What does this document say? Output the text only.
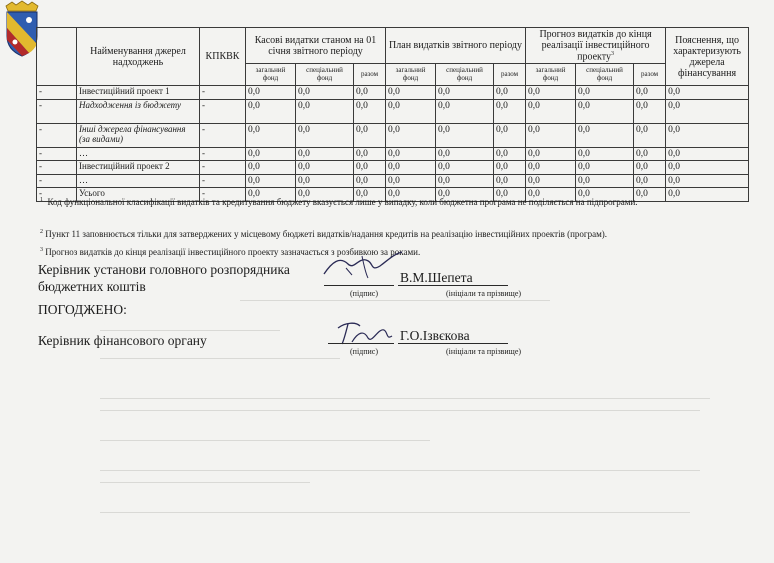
	Найменування джерел надходжень	КПКВК	Касові видатки станом на 01 січня звітного періоду			План видатків звітного періоду			Прогноз видатків до кінця реалізації інвестиційного проекту$^3$			Пояснення, що характеризують джерела фінансування
			загальний фонд	спеціальний фонд	разом	загальний фонд	спеціальний фонд	разом	загальний фонд	спеціальний фонд	разом	
-	Інвестиційний проект 1	-	0,0	0,0	0,0	0,0	0,0	0,0	0,0	0,0	0,0	0,0
-	Надходження із бюджету	-	0,0	0,0	0,0	0,0	0,0	0,0	0,0	0,0	0,0	0,0
-	Інші джерела фінансування (за видами)	-	0,0	0,0	0,0	0,0	0,0	0,0	0,0	0,0	0,0	0,0
-	…	-	0,0	0,0	0,0	0,0	0,0	0,0	0,0	0,0	0,0	0,0
-	Інвестиційний проект 2	-	0,0	0,0	0,0	0,0	0,0	0,0	0,0	0,0	0,0	0,0
-	…	-	0,0	0,0	0,0	0,0	0,0	0,0	0,0	0,0	0,0	0,0
-	Усього	-	0,0	0,0	0,0	0,0	0,0	0,0	0,0	0,0	0,0	0,0
$^1$ Код функціональної класифікації видатків та кредитування бюджету вказується лише у випадку, коли бюджетна програма не поділяється на підпрограми.
$^2$ Пункт 11 заповнюється тільки для затверджених у місцевому бюджеті видатків/надання кредитів на реалізацію інвестиційних проектів (програм).
$^3$ Прогноз видатків до кінця реалізації інвестиційного проекту зазначається з розбивкою за роками.
Керівник установи головного розпорядника
бюджетних коштів
В.М.Шепета
(підпис)	(ініціали та прізвище)
ПОГОДЖЕНО:
Керівник фінансового органу	Г.О.Ізвєкова
(підпис)	(ініціали та прізвище)
